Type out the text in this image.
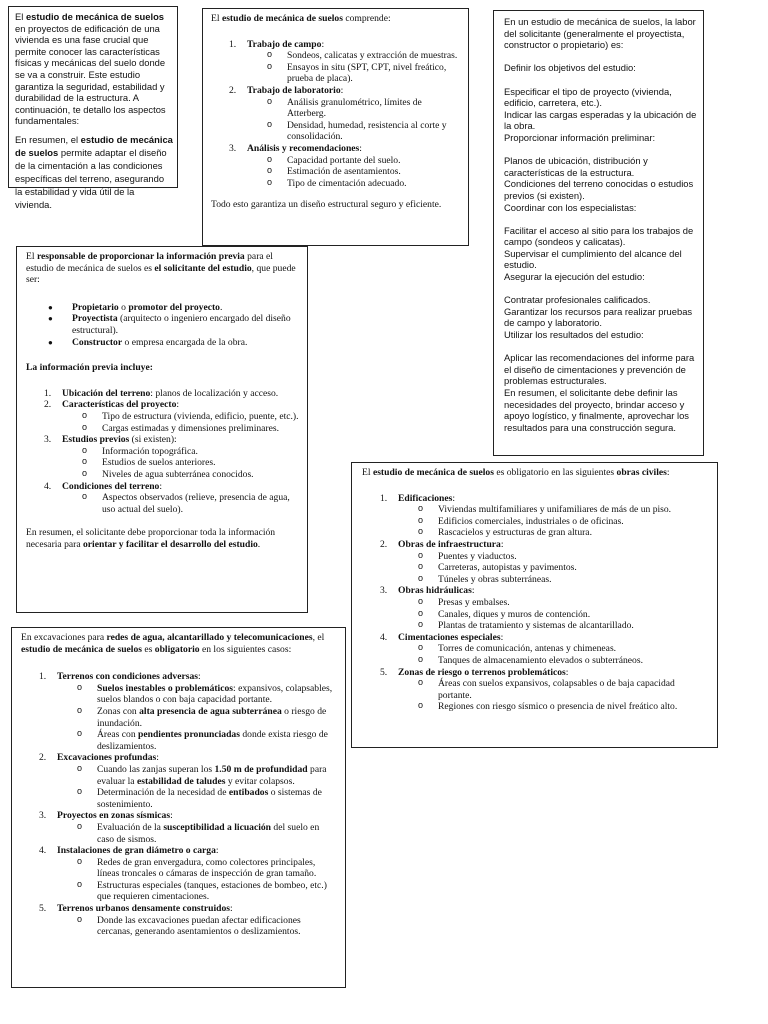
El estudio de mecánica de suelos en proyectos de edificación de una vivienda es una fase crucial que permite conocer las características físicas y mecánicas del suelo donde se va a construir. Este estudio garantiza la seguridad, estabilidad y durabilidad de la estructura. A continuación, te detallo los aspectos fundamentales:

En resumen, el estudio de mecánica de suelos permite adaptar el diseño de la cimentación a las condiciones específicas del terreno, asegurando la estabilidad y vida útil de la vivienda.

El estudio de mecánica de suelos comprende:

1. Trabajo de campo:
o Sondeos, calicatas y extracción de muestras.
o Ensayos in situ (SPT, CPT, nivel freático, prueba de placa).
2. Trabajo de laboratorio:
o Análisis granulométrico, límites de Atterberg.
o Densidad, humedad, resistencia al corte y consolidación.
3. Análisis y recomendaciones:
o Capacidad portante del suelo.
o Estimación de asentamientos.
o Tipo de cimentación adecuado.

Todo esto garantiza un diseño estructural seguro y eficiente.

En un estudio de mecánica de suelos, la labor del solicitante (generalmente el proyectista, constructor o propietario) es:

Definir los objetivos del estudio:

Especificar el tipo de proyecto (vivienda, edificio, carretera, etc.).

Indicar las cargas esperadas y la ubicación de la obra.

Proporcionar información preliminar:

Planos de ubicación, distribución y características de la estructura.

Condiciones del terreno conocidas o estudios previos (si existen).

Coordinar con los especialistas:

Facilitar el acceso al sitio para los trabajos de campo (sondeos y calicatas).

Supervisar el cumplimiento del alcance del estudio.

Asegurar la ejecución del estudio:

Contratar profesionales calificados.

Garantizar los recursos para realizar pruebas de campo y laboratorio.

Utilizar los resultados del estudio:

Aplicar las recomendaciones del informe para el diseño de cimentaciones y prevención de problemas estructurales.

En resumen, el solicitante debe definir las necesidades del proyecto, brindar acceso y apoyo logístico, y finalmente, aprovechar los resultados para una construcción segura.

El responsable de proporcionar la información previa para el estudio de mecánica de suelos es el solicitante del estudio, que puede ser:

● Propietario o promotor del proyecto.
● Proyectista (arquitecto o ingeniero encargado del diseño estructural).
● Constructor o empresa encargada de la obra.

La información previa incluye:

1. Ubicación del terreno: planos de localización y acceso.
2. Características del proyecto:
o Tipo de estructura (vivienda, edificio, puente, etc.).
o Cargas estimadas y dimensiones preliminares.
3. Estudios previos (si existen):
o Información topográfica.
o Estudios de suelos anteriores.
o Niveles de agua subterránea conocidos.
4. Condiciones del terreno:
o Aspectos observados (relieve, presencia de agua, uso actual del suelo).

En resumen, el solicitante debe proporcionar toda la información necesaria para orientar y facilitar el desarrollo del estudio.

El estudio de mecánica de suelos es obligatorio en las siguientes obras civiles:

1. Edificaciones:
o Viviendas multifamiliares y unifamiliares de más de un piso.
o Edificios comerciales, industriales o de oficinas.
o Rascacielos y estructuras de gran altura.
2. Obras de infraestructura:
o Puentes y viaductos.
o Carreteras, autopistas y pavimentos.
o Túneles y obras subterráneas.
3. Obras hidráulicas:
o Presas y embalses.
o Canales, diques y muros de contención.
o Plantas de tratamiento y sistemas de alcantarillado.
4. Cimentaciones especiales:
o Torres de comunicación, antenas y chimeneas.
o Tanques de almacenamiento elevados o subterráneos.
5. Zonas de riesgo o terrenos problemáticos:
o Áreas con suelos expansivos, colapsables o de baja capacidad portante.
o Regiones con riesgo sísmico o presencia de nivel freático alto.

En excavaciones para redes de agua, alcantarillado y telecomunicaciones, el estudio de mecánica de suelos es obligatorio en los siguientes casos:

1. Terrenos con condiciones adversas:
o Suelos inestables o problemáticos: expansivos, colapsables, suelos blandos o con baja capacidad portante.
o Zonas con alta presencia de agua subterránea o riesgo de inundación.
o Áreas con pendientes pronunciadas donde exista riesgo de deslizamientos.
2. Excavaciones profundas:
o Cuando las zanjas superan los 1.50 m de profundidad para evaluar la estabilidad de taludes y evitar colapsos.
o Determinación de la necesidad de entibados o sistemas de sostenimiento.
3. Proyectos en zonas sísmicas:
o Evaluación de la susceptibilidad a licuación del suelo en caso de sismos.
4. Instalaciones de gran diámetro o carga:
o Redes de gran envergadura, como colectores principales, líneas troncales o cámaras de inspección de gran tamaño.
o Estructuras especiales (tanques, estaciones de bombeo, etc.) que requieren cimentaciones.
5. Terrenos urbanos densamente construidos:
o Donde las excavaciones puedan afectar edificaciones cercanas, generando asentamientos o deslizamientos.
